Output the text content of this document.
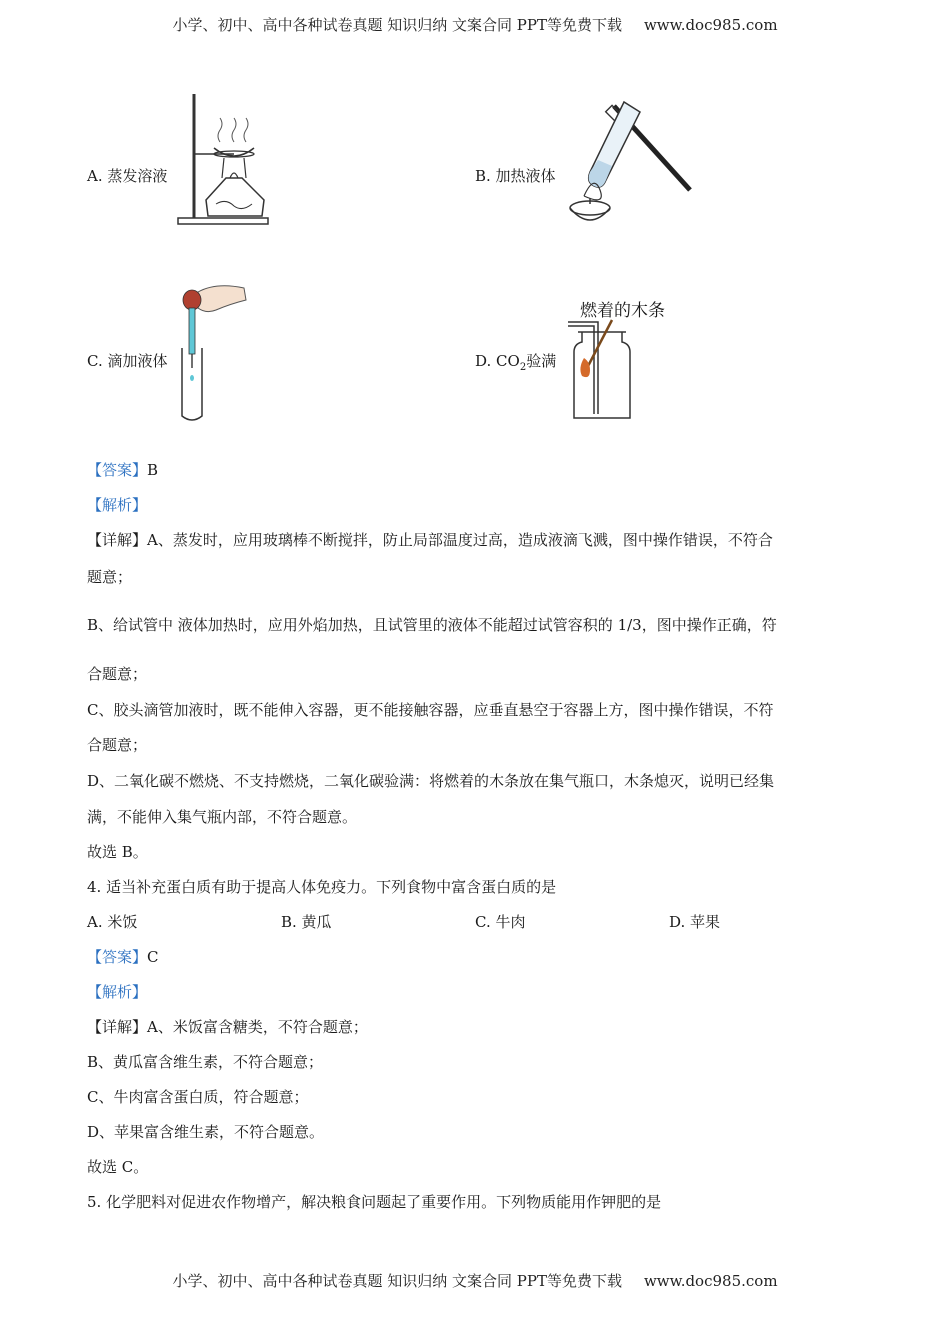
小学、初中、高中各种试卷真题 知识归纳 文案合同 PPT等免费下载 www.doc985.com
A. 蒸发溶液	B. 加热液体
C. 滴加液体	D. $CO_2$验满
燃着的木条
【答案】B
【解析】
【详解】A、蒸发时，应用玻璃棒不断搅拌，防止局部温度过高，造成液滴飞溅，图中操作错误，不符合
题意；
B、给试管中 液体加热时，应用外焰加热，且试管里的液体不能超过试管容积的 1/3，图中操作正确，符
合题意；
C、胶头滴管加液时，既不能伸入容器，更不能接触容器，应垂直悬空于容器上方，图中操作错误，不符
合题意；
D、二氧化碳不燃烧、不支持燃烧，二氧化碳验满：将燃着的木条放在集气瓶口，木条熄灭，说明已经集
满，不能伸入集气瓶内部，不符合题意。
故选 B。
4. 适当补充蛋白质有助于提高人体免疫力。下列食物中富含蛋白质的是
A. 米饭	B. 黄瓜	C. 牛肉	D. 苹果
【答案】C
【解析】
【详解】A、米饭富含糖类，不符合题意；
B、黄瓜富含维生素，不符合题意；
C、牛肉富含蛋白质，符合题意；
D、苹果富含维生素，不符合题意。
故选 C。
5. 化学肥料对促进农作物增产，解决粮食问题起了重要作用。下列物质能用作钾肥的是
小学、初中、高中各种试卷真题 知识归纳 文案合同 PPT等免费下载 www.doc985.com
